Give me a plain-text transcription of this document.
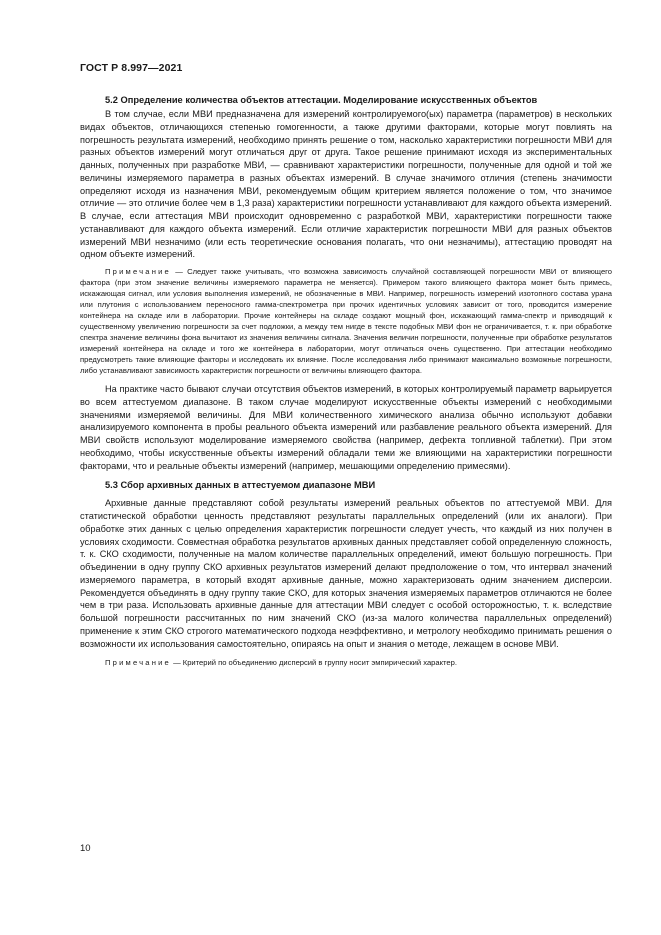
ГОСТ Р 8.997—2021

5.2 Определение количества объектов аттестации. Моделирование искусственных объектов

В том случае, если МВИ предназначена для измерений контролируемого(ых) параметра (параметров) в нескольких видах объектов, отличающихся степенью гомогенности, а также другими факторами, которые могут повлиять на погрешность результата измерений, необходимо принять решение о том, насколько характеристики погрешности МВИ для разных объектов измерений могут отличаться друг от друга. Такое решение принимают исходя из экспериментальных данных, полученных при разработке МВИ, — сравнивают характеристики погрешности, полученные для одной и той же величины измеряемого параметра в разных объектах измерений. В случае значимого отличия (степень значимости определяют исходя из назначения МВИ, рекомендуемым общим критерием является положение о том, что значимое отличие — это отличие более чем в 1,3 раза) характеристики погрешности устанавливают для каждого объекта измерений. В случае, если аттестация МВИ происходит одновременно с разработкой МВИ, характеристики погрешности также устанавливают для каждого объекта измерений. Если отличие характеристик погрешности МВИ для разных объектов измерений МВИ незначимо (или есть теоретические основания полагать, что они незначимы), аттестацию проводят на одном объекте измерений.

Примечание — Следует также учитывать, что возможна зависимость случайной составляющей погрешности МВИ от влияющего фактора (при этом значение величины измеряемого параметра не меняется). Примером такого влияющего фактора может быть примесь, искажающая сигнал, или условия выполнения измерений, не обозначенные в МВИ. Например, погрешность измерений изотопного состава урана или плутония с использованием переносного гамма-спектрометра при прочих идентичных условиях зависит от того, проводится измерение контейнера на складе или в лаборатории. Прочие контейнеры на складе создают мощный фон, искажающий гамма-спектр и приводящий к существенному увеличению погрешности за счет подложки, а между тем нигде в тексте подобных МВИ фон не ограничивается, т. к. при обработке спектра значение величины фона вычитают из значения величины сигнала. Значения величин погрешности, полученные при обработке результатов измерений контейнера на складе и того же контейнера в лаборатории, могут отличаться очень существенно. При аттестации необходимо предусмотреть такие влияющие факторы и исследовать их влияние. После исследования либо принимают максимально возможные погрешности, либо устанавливают зависимость характеристик погрешности от величины влияющего фактора.

На практике часто бывают случаи отсутствия объектов измерений, в которых контролируемый параметр варьируется во всем аттестуемом диапазоне. В таком случае моделируют искусственные объекты измерений с необходимыми значениями измеряемой величины. Для МВИ количественного химического анализа обычно используют добавки анализируемого компонента в пробы реального объекта измерений или разбавление реального объекта измерений. Для МВИ свойств используют моделирование измеряемого свойства (например, дефекта топливной таблетки). При этом необходимо, чтобы искусственные объекты измерений обладали теми же влияющими на характеристики погрешности факторами, что и реальные объекты измерений (например, мешающими определению примесями).

5.3 Сбор архивных данных в аттестуемом диапазоне МВИ

Архивные данные представляют собой результаты измерений реальных объектов по аттестуемой МВИ. Для статистической обработки ценность представляют результаты параллельных определений (или их аналоги). При обработке этих данных с целью определения характеристик погрешности следует учесть, что каждый из них получен в условиях сходимости. Совместная обработка результатов архивных данных представляет собой определенную сложность, т. к. СКО сходимости, полученные на малом количестве параллельных определений, имеют большую погрешность. При объединении в одну группу СКО архивных результатов измерений делают предположение о том, что интервал значений измеряемого параметра, в который входят архивные данные, можно характеризовать одним значением дисперсии. Рекомендуется объединять в одну группу такие СКО, для которых значения измеряемых параметров отличаются не более чем в три раза. Использовать архивные данные для аттестации МВИ следует с особой осторожностью, т. к. вследствие большой погрешности рассчитанных по ним значений СКО (из-за малого количества параллельных определений) применение к этим СКО строгого математического подхода неэффективно, и метрологу необходимо принимать решения о возможности их использования самостоятельно, опираясь на опыт и знания о методе, лежащем в основе МВИ.

Примечание — Критерий по объединению дисперсий в группу носит эмпирический характер.

10
